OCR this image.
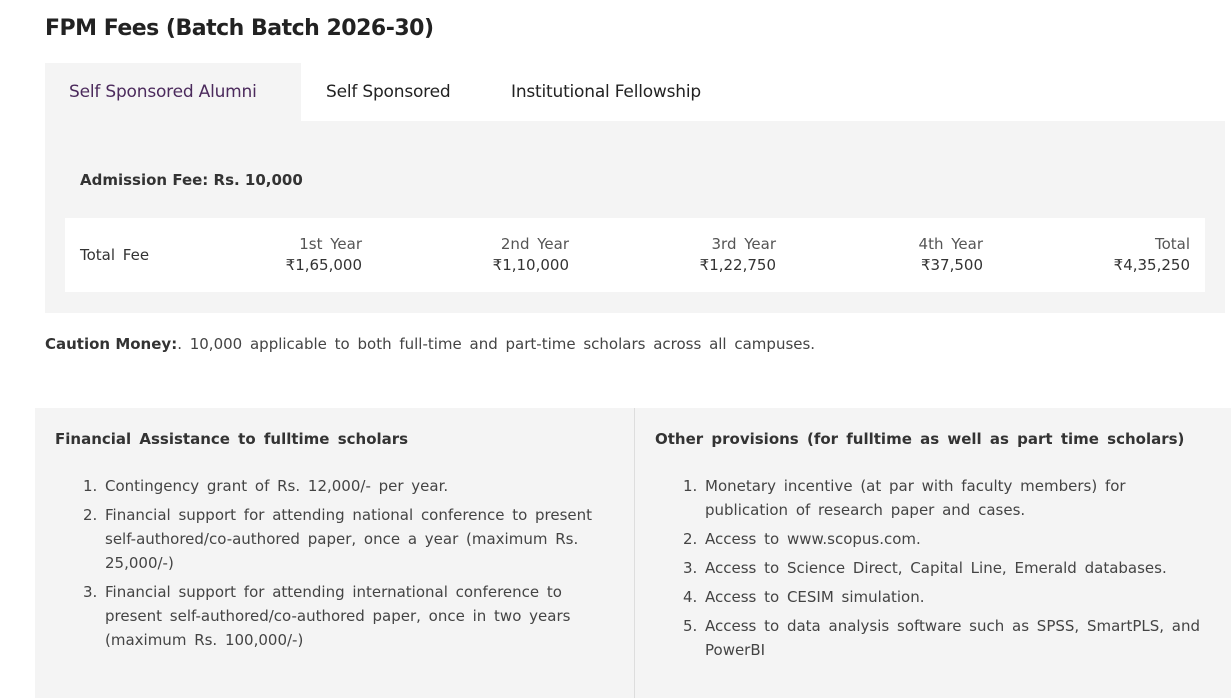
FPM Fees (Batch Batch 2026-30)
Self Sponsored Alumni	Self Sponsored	Institutional Fellowship
Admission Fee: Rs. 10,000
Total Fee
1st Year
₹1,65,000
2nd Year
₹1,10,000
3rd Year
₹1,22,750
4th Year
₹37,500
Total
₹4,35,250

Caution Money:. 10,000 applicable to both full-time and part-time scholars across all campuses.

Financial Assistance to fulltime scholars
1. Contingency grant of Rs. 12,000/- per year.
2. Financial support for attending national conference to present self-authored/co-authored paper, once a year (maximum Rs. 25,000/-)
3. Financial support for attending international conference to present self-authored/co-authored paper, once in two years (maximum Rs. 100,000/-)
Other provisions (for fulltime as well as part time scholars)
1. Monetary incentive (at par with faculty members) for publication of research paper and cases.
2. Access to www.scopus.com.
3. Access to Science Direct, Capital Line, Emerald databases.
4. Access to CESIM simulation.
5. Access to data analysis software such as SPSS, SmartPLS, and PowerBI
